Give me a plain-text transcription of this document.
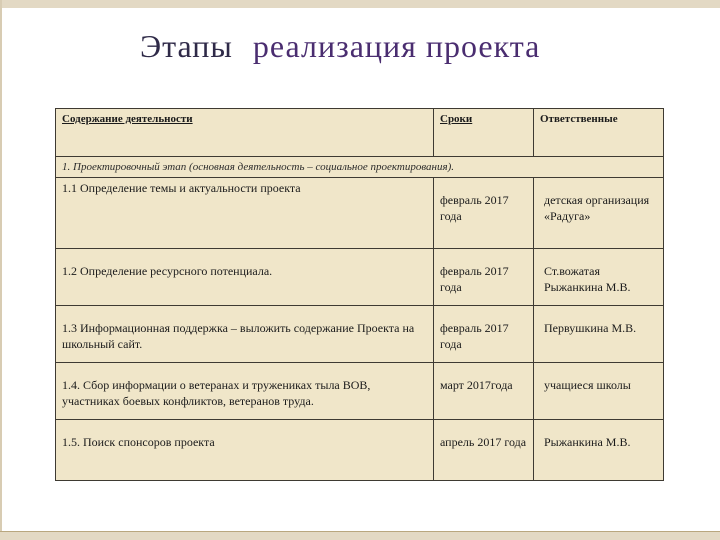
Этапы реализация проекта
Содержание деятельности	Сроки	Ответственные
1. Проектировочный этап (основная деятельность – социальное проектирования).		
1.1 Определение темы и актуальности проекта	февраль 2017 года	детская организация «Радуга»

1.2 Определение ресурсного потенциала.	февраль 2017 года	Ст.вожатая Рыжанкина М.В.

1.3 Информационная поддержка – выложить содержание Проекта на школьный сайт.	февраль 2017 года	Первушкина М.В.

1.4. Сбор информации о ветеранах и тружениках тыла ВОВ, участниках боевых конфликтов, ветеранов труда.	март 2017года	учащиеся школы

1.5. Поиск спонсоров проекта	апрель 2017 года	Рыжанкина М.В.
